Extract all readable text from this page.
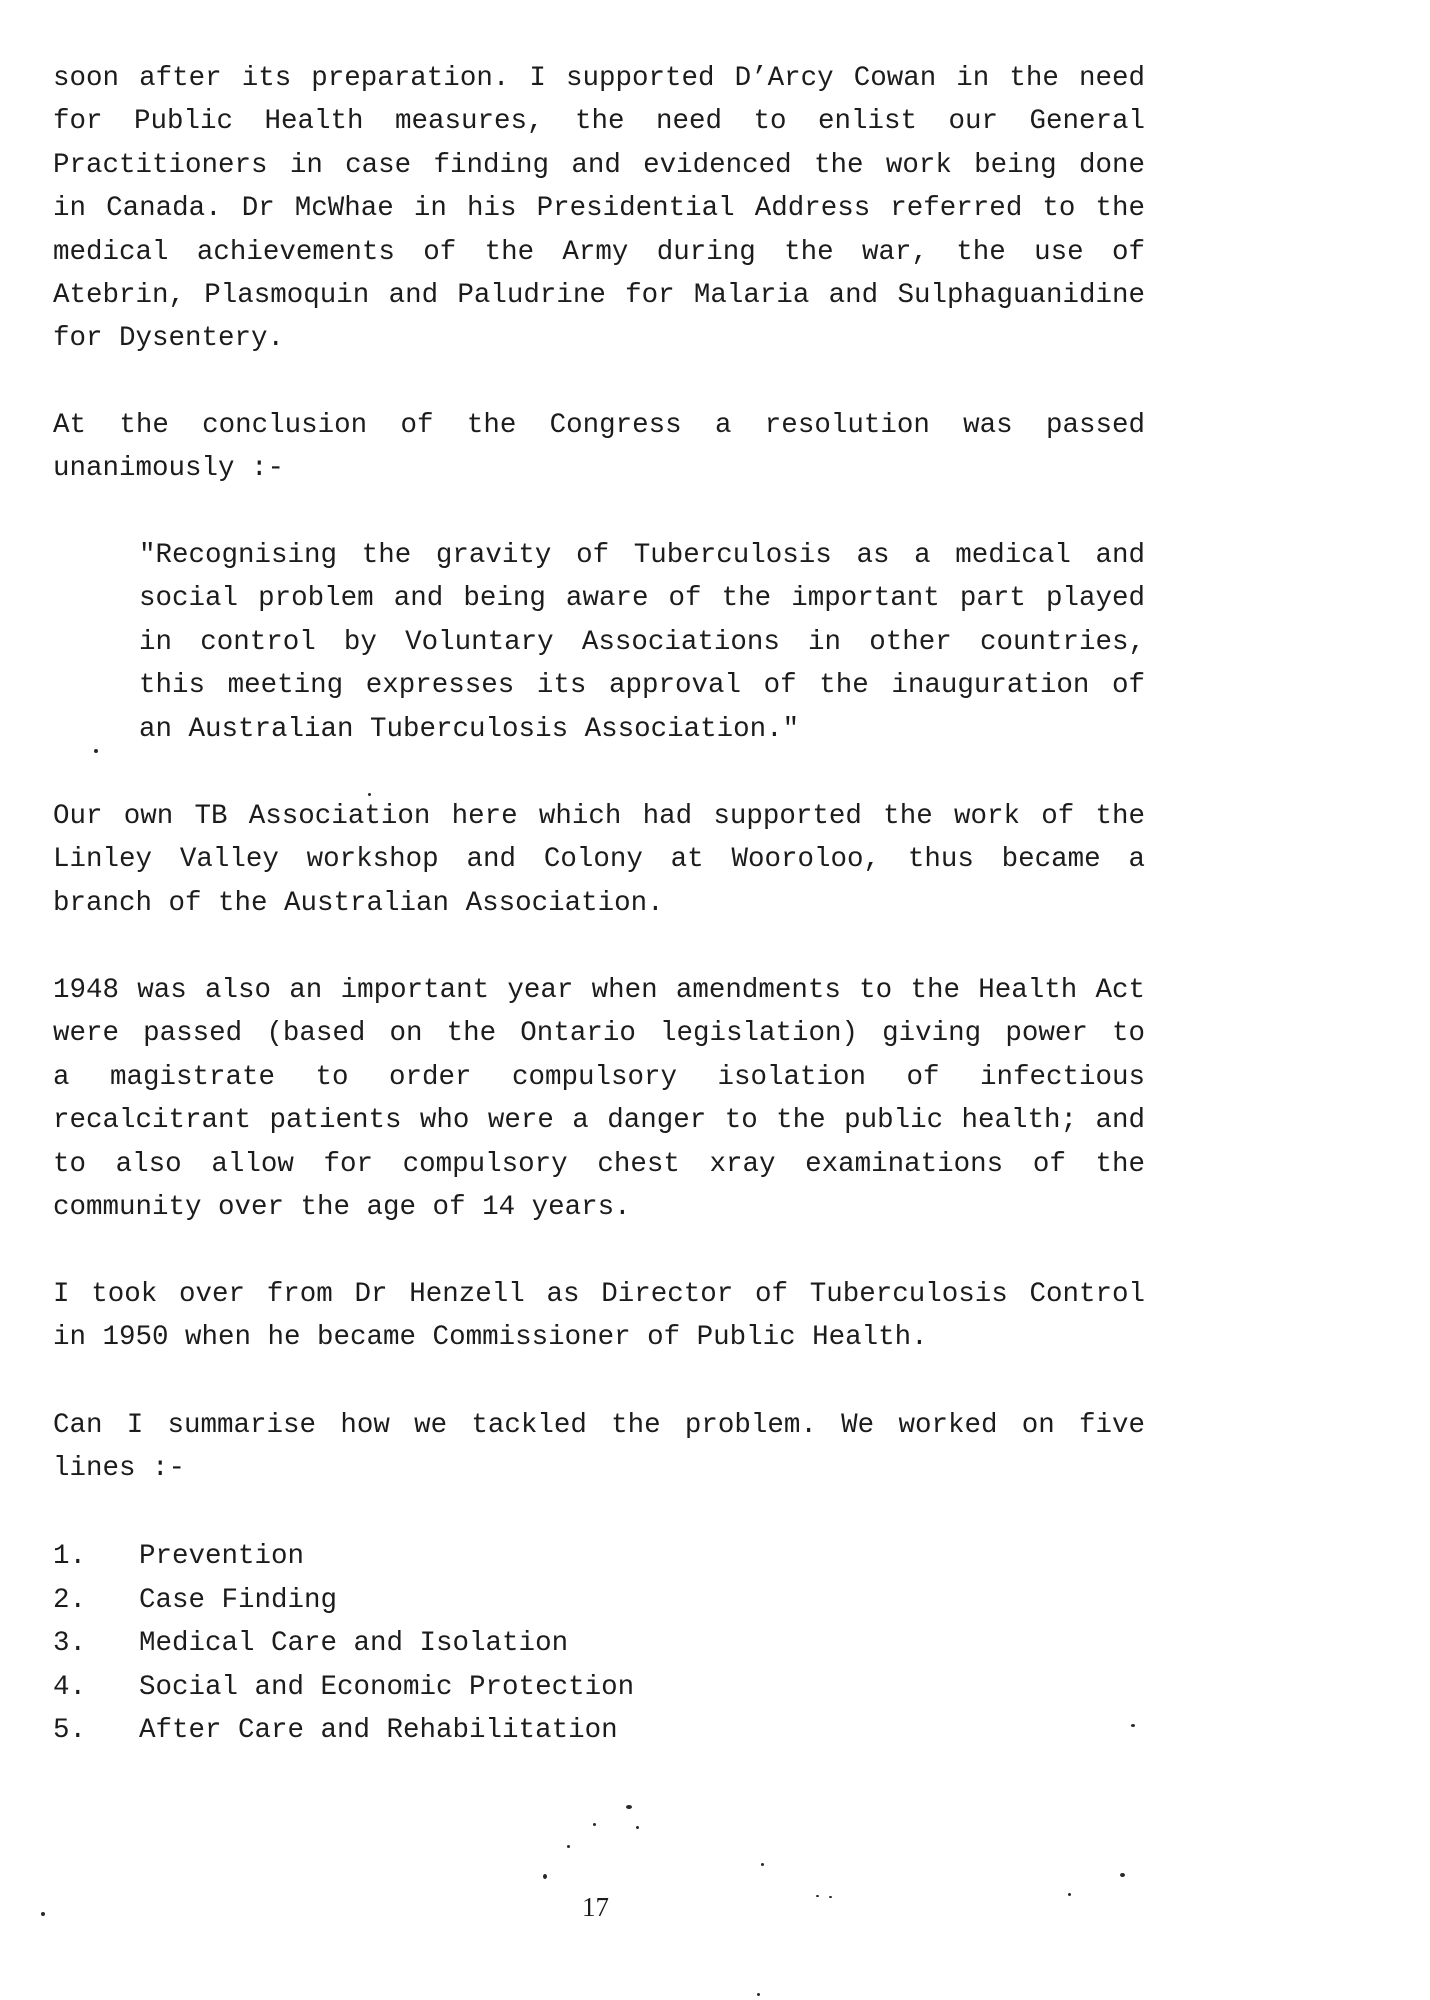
soon after its preparation. I supported D’Arcy Cowan in the need
for Public Health measures, the need to enlist our General
Practitioners in case finding and evidenced the work being done
in Canada. Dr McWhae in his Presidential Address referred to the
medical achievements of the Army during the war, the use of
Atebrin, Plasmoquin and Paludrine for Malaria and Sulphaguanidine
for Dysentery.

At the conclusion of the Congress a resolution was passed
unanimously :-

"Recognising the gravity of Tuberculosis as a medical and
social problem and being aware of the important part played
in control by Voluntary Associations in other countries,
this meeting expresses its approval of the inauguration of
an Australian Tuberculosis Association."

Our own TB Association here which had supported the work of the
Linley Valley workshop and Colony at Wooroloo, thus became a
branch of the Australian Association.

1948 was also an important year when amendments to the Health Act
were passed (based on the Ontario legislation) giving power to
a magistrate to order compulsory isolation of infectious
recalcitrant patients who were a danger to the public health; and
to also allow for compulsory chest xray examinations of the
community over the age of 14 years.

I took over from Dr Henzell as Director of Tuberculosis Control
in 1950 when he became Commissioner of Public Health.

Can I summarise how we tackled the problem. We worked on five
lines :-

1. Prevention
2. Case Finding
3. Medical Care and Isolation
4. Social and Economic Protection
5. After Care and Rehabilitation
17
